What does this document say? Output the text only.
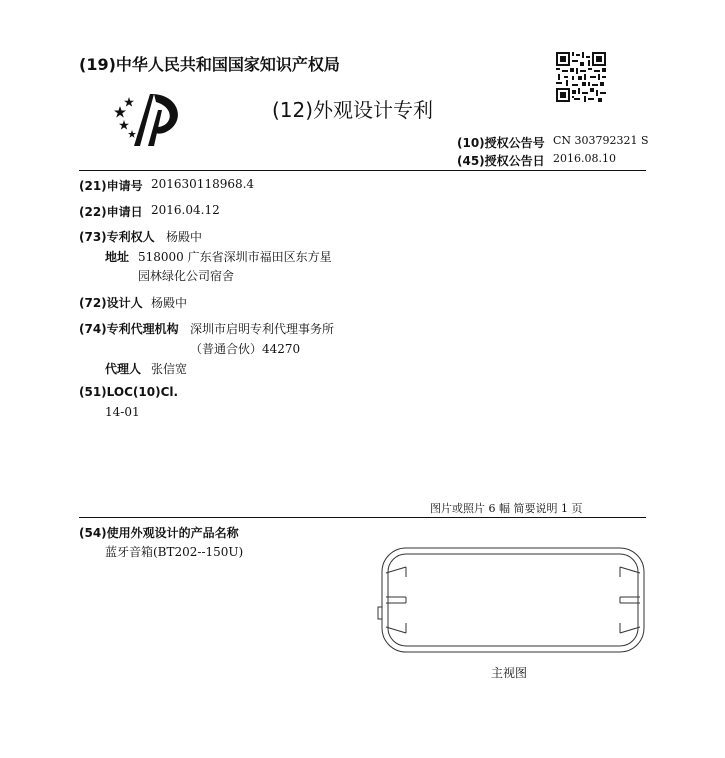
(19)中华人民共和国国家知识产权局
(12)外观设计专利
(10)授权公告号 CN 303792321 S
(45)授权公告日 2016.08.10
(21)申请号 201630118968.4
(22)申请日 2016.04.12
(73)专利权人 杨殿中
地址 518000 广东省深圳市福田区东方星
园林绿化公司宿舍
(72)设计人 杨殿中
(74)专利代理机构 深圳市启明专利代理事务所
（普通合伙）44270
代理人 张信宽
(51)LOC(10)Cl.
14-01
图片或照片 6 幅 简要说明 1 页
(54)使用外观设计的产品名称
蓝牙音箱(BT202--150U)
主视图
